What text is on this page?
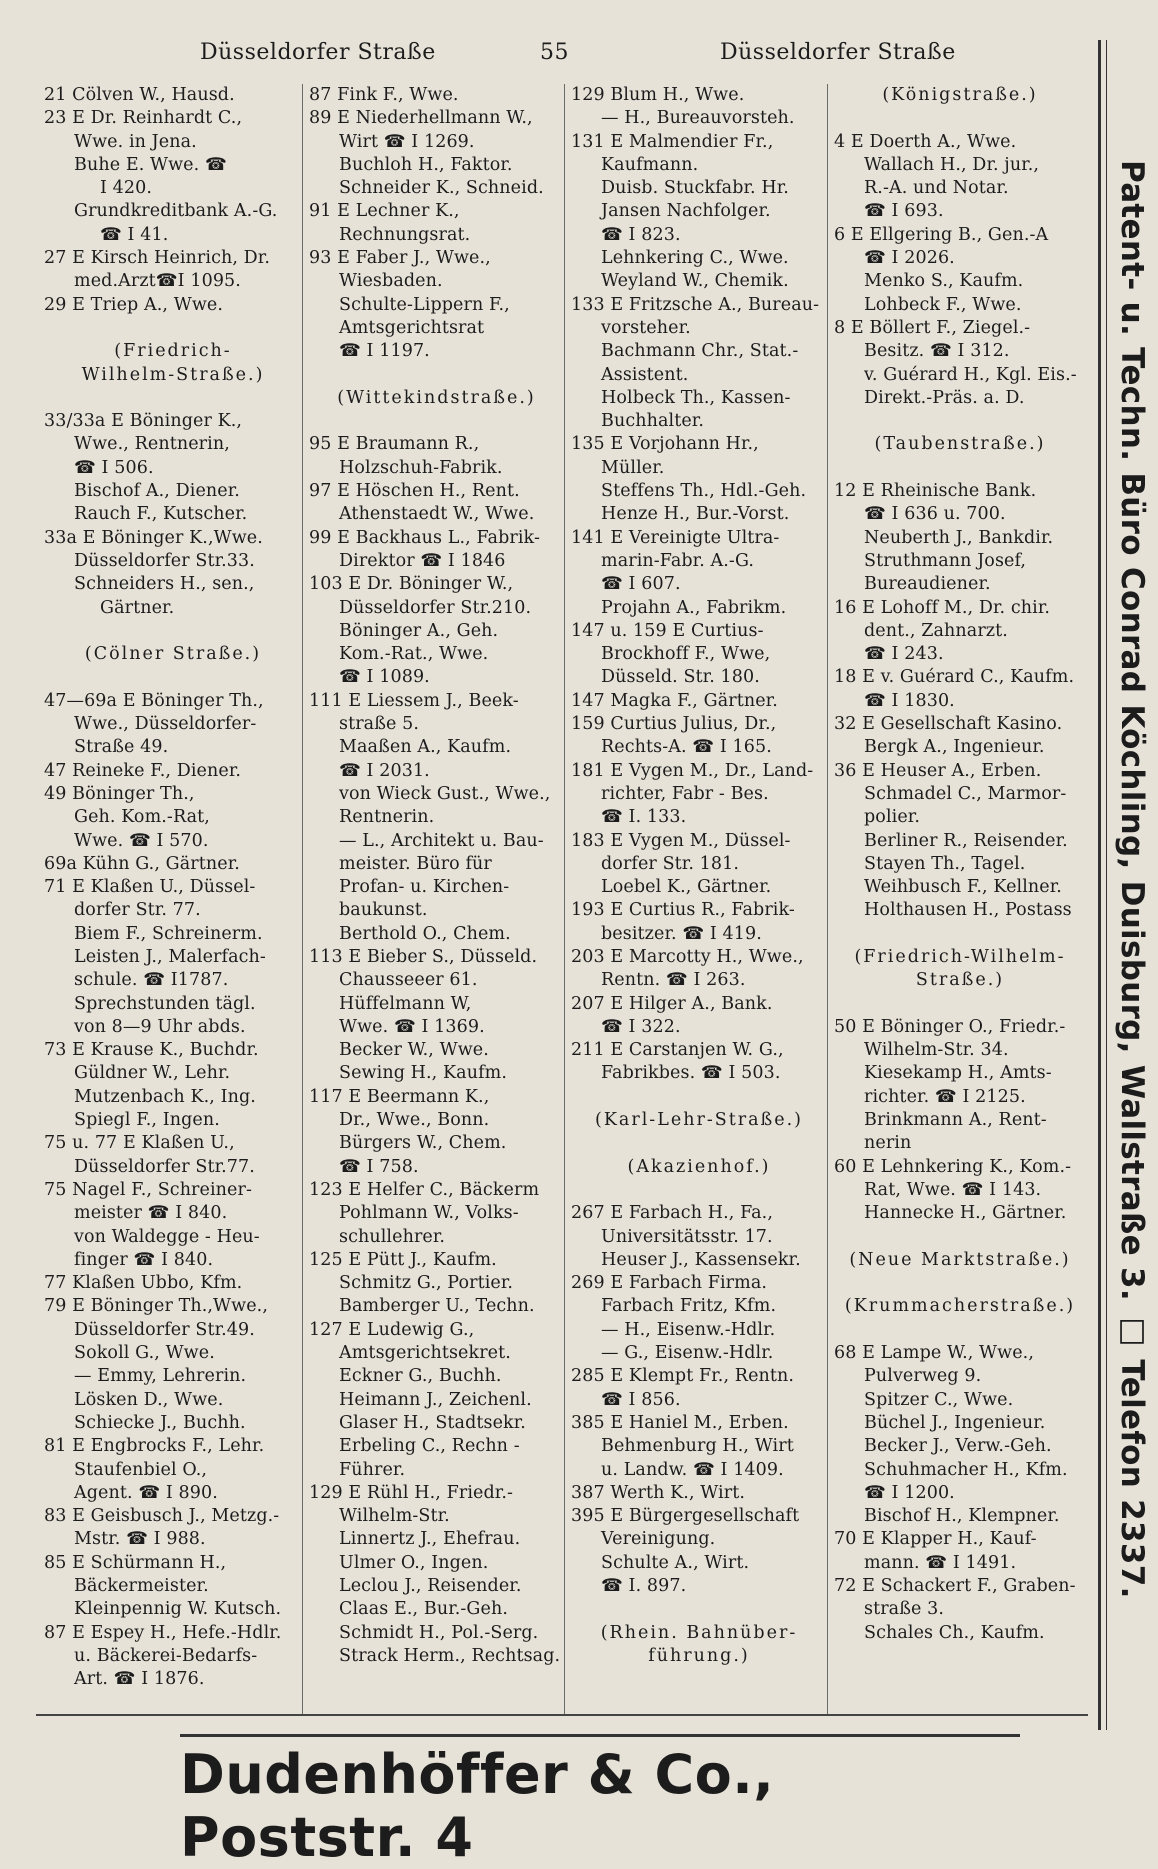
Düsseldorfer Straße	55	Düsseldorfer Straße
21 Cölven W., Hausd.
23 E Dr. Reinhardt C.,
Wwe. in Jena.
Buhe E. Wwe. ☎
I 420.
Grundkreditbank A.-G.
☎ I 41.
27 E Kirsch Heinrich, Dr.
med.Arzt☎I 1095.
29 E Triep A., Wwe.

(Friedrich-
Wilhelm-Straße.)

33/33a E Böninger K.,
Wwe., Rentnerin,
☎ I 506.
Bischof A., Diener.
Rauch F., Kutscher.
33a E Böninger K.,Wwe.
Düsseldorfer Str.33.
Schneiders H., sen.,
Gärtner.

(Cölner Straße.)

47—69a E Böninger Th.,
Wwe., Düsseldorfer-
Straße 49.
47 Reineke F., Diener.
49 Böninger Th.,
Geh. Kom.-Rat,
Wwe. ☎ I 570.
69a Kühn G., Gärtner.
71 E Klaßen U., Düssel-
dorfer Str. 77.
Biem F., Schreinerm.
Leisten J., Malerfach-
schule. ☎ I1787.
Sprechstunden tägl.
von 8—9 Uhr abds.
73 E Krause K., Buchdr.
Güldner W., Lehr.
Mutzenbach K., Ing.
Spiegl F., Ingen.
75 u. 77 E Klaßen U.,
Düsseldorfer Str.77.
75 Nagel F., Schreiner-
meister ☎ I 840.
von Waldegge - Heu-
finger ☎ I 840.
77 Klaßen Ubbo, Kfm.
79 E Böninger Th.,Wwe.,
Düsseldorfer Str.49.
Sokoll G., Wwe.
— Emmy, Lehrerin.
Lösken D., Wwe.
Schiecke J., Buchh.
81 E Engbrocks F., Lehr.
Staufenbiel O.,
Agent. ☎ I 890.
83 E Geisbusch J., Metzg.-
Mstr. ☎ I 988.
85 E Schürmann H.,
Bäckermeister.
Kleinpennig W. Kutsch.
87 E Espey H., Hefe.-Hdlr.
u. Bäckerei-Bedarfs-
Art. ☎ I 1876.
87 Fink F., Wwe.
89 E Niederhellmann W.,
Wirt ☎ I 1269.
Buchloh H., Faktor.
Schneider K., Schneid.
91 E Lechner K.,
Rechnungsrat.
93 E Faber J., Wwe.,
Wiesbaden.
Schulte-Lippern F.,
Amtsgerichtsrat
☎ I 1197.

(Wittekindstraße.)

95 E Braumann R.,
Holzschuh-Fabrik.
97 E Höschen H., Rent.
Athenstaedt W., Wwe.
99 E Backhaus L., Fabrik-
Direktor ☎ I 1846
103 E Dr. Böninger W.,
Düsseldorfer Str.210.
Böninger A., Geh.
Kom.-Rat., Wwe.
☎ I 1089.
111 E Liessem J., Beek-
straße 5.
Maaßen A., Kaufm.
☎ I 2031.
von Wieck Gust., Wwe.,
Rentnerin.
— L., Architekt u. Bau-
meister. Büro für
Profan- u. Kirchen-
baukunst.
Berthold O., Chem.
113 E Bieber S., Düsseld.
Chausseeer 61.
Hüffelmann W,
Wwe. ☎ I 1369.
Becker W., Wwe.
Sewing H., Kaufm.
117 E Beermann K.,
Dr., Wwe., Bonn.
Bürgers W., Chem.
☎ I 758.
123 E Helfer C., Bäckerm
Pohlmann W., Volks-
schullehrer.
125 E Pütt J., Kaufm.
Schmitz G., Portier.
Bamberger U., Techn.
127 E Ludewig G.,
Amtsgerichtsekret.
Eckner G., Buchh.
Heimann J., Zeichenl.
Glaser H., Stadtsekr.
Erbeling C., Rechn -
Führer.
129 E Rühl H., Friedr.-
Wilhelm-Str.
Linnertz J., Ehefrau.
Ulmer O., Ingen.
Leclou J., Reisender.
Claas E., Bur.-Geh.
Schmidt H., Pol.-Serg.
Strack Herm., Rechtsag.
129 Blum H., Wwe.
— H., Bureauvorsteh.
131 E Malmendier Fr.,
Kaufmann.
Duisb. Stuckfabr. Hr.
Jansen Nachfolger.
☎ I 823.
Lehnkering C., Wwe.
Weyland W., Chemik.
133 E Fritzsche A., Bureau-
vorsteher.
Bachmann Chr., Stat.-
Assistent.
Holbeck Th., Kassen-
Buchhalter.
135 E Vorjohann Hr.,
Müller.
Steffens Th., Hdl.-Geh.
Henze H., Bur.-Vorst.
141 E Vereinigte Ultra-
marin-Fabr. A.-G.
☎ I 607.
Projahn A., Fabrikm.
147 u. 159 E Curtius-
Brockhoff F., Wwe,
Düsseld. Str. 180.
147 Magka F., Gärtner.
159 Curtius Julius, Dr.,
Rechts-A. ☎ I 165.
181 E Vygen M., Dr., Land-
richter, Fabr - Bes.
☎ I. 133.
183 E Vygen M., Düssel-
dorfer Str. 181.
Loebel K., Gärtner.
193 E Curtius R., Fabrik-
besitzer. ☎ I 419.
203 E Marcotty H., Wwe.,
Rentn. ☎ I 263.
207 E Hilger A., Bank.
☎ I 322.
211 E Carstanjen W. G.,
Fabrikbes. ☎ I 503.

(Karl-Lehr-Straße.)

(Akazienhof.)

267 E Farbach H., Fa.,
Universitätsstr. 17.
Heuser J., Kassensekr.
269 E Farbach Firma.
Farbach Fritz, Kfm.
— H., Eisenw.-Hdlr.
— G., Eisenw.-Hdlr.
285 E Klempt Fr., Rentn.
☎ I 856.
385 E Haniel M., Erben.
Behmenburg H., Wirt
u. Landw. ☎ I 1409.
387 Werth K., Wirt.
395 E Bürgergesellschaft
Vereinigung.
Schulte A., Wirt.
☎ I. 897.

(Rhein. Bahnüber-
führung.)
(Königstraße.)

4 E Doerth A., Wwe.
Wallach H., Dr. jur.,
R.-A. und Notar.
☎ I 693.
6 E Ellgering B., Gen.-A
☎ I 2026.
Menko S., Kaufm.
Lohbeck F., Wwe.
8 E Böllert F., Ziegel.-
Besitz. ☎ I 312.
v. Guérard H., Kgl. Eis.-
Direkt.-Präs. a. D.

(Taubenstraße.)

12 E Rheinische Bank.
☎ I 636 u. 700.
Neuberth J., Bankdir.
Struthmann Josef,
Bureaudiener.
16 E Lohoff M., Dr. chir.
dent., Zahnarzt.
☎ I 243.
18 E v. Guérard C., Kaufm.
☎ I 1830.
32 E Gesellschaft Kasino.
Bergk A., Ingenieur.
36 E Heuser A., Erben.
Schmadel C., Marmor-
polier.
Berliner R., Reisender.
Stayen Th., Tagel.
Weihbusch F., Kellner.
Holthausen H., Postass

(Friedrich-Wilhelm-
Straße.)

50 E Böninger O., Friedr.-
Wilhelm-Str. 34.
Kiesekamp H., Amts-
richter. ☎ I 2125.
Brinkmann A., Rent-
nerin
60 E Lehnkering K., Kom.-
Rat, Wwe. ☎ I 143.
Hannecke H., Gärtner.

(Neue Marktstraße.)

(Krummacherstraße.)

68 E Lampe W., Wwe.,
Pulverweg 9.
Spitzer C., Wwe.
Büchel J., Ingenieur.
Becker J., Verw.-Geh.
Schuhmacher H., Kfm.
☎ I 1200.
Bischof H., Klempner.
70 E Klapper H., Kauf-
mann. ☎ I 1491.
72 E Schackert F., Graben-
straße 3.
Schales Ch., Kaufm.
Patent- u. Techn. Büro Conrad Köchling, Duisburg, Wallstraße 3. □ Telefon 2337.
Dudenhöffer & Co., Poststr. 4
